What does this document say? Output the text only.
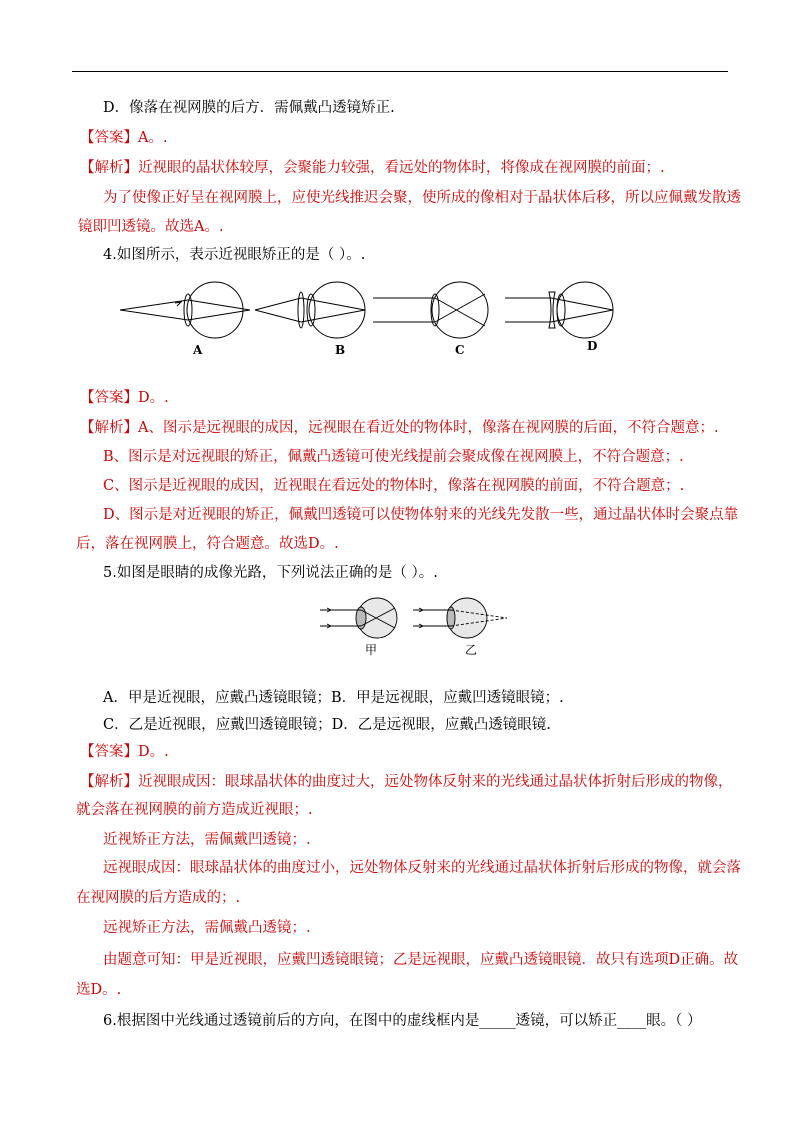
D．像落在视网膜的后方．需佩戴凸透镜矫正.
【答案】A。.
【解析】近视眼的晶状体较厚，会聚能力较强，看远处的物体时，将像成在视网膜的前面；.
为了使像正好呈在视网膜上，应使光线推迟会聚，使所成的像相对于晶状体后移，所以应佩戴发散透
镜即凹透镜。故选A。.
4.如图所示，表示近视眼矫正的是（ ）。.
A	B	C	D
【答案】D。.
【解析】A、图示是远视眼的成因，远视眼在看近处的物体时，像落在视网膜的后面，不符合题意；.
B、图示是对远视眼的矫正，佩戴凸透镜可使光线提前会聚成像在视网膜上，不符合题意；.
C、图示是近视眼的成因，近视眼在看远处的物体时，像落在视网膜的前面，不符合题意；.
D、图示是对近视眼的矫正，佩戴凹透镜可以使物体射来的光线先发散一些，通过晶状体时会聚点靠
后，落在视网膜上，符合题意。故选D。.
5.如图是眼睛的成像光路，下列说法正确的是（ ）。.
甲	乙
A．甲是近视眼，应戴凸透镜眼镜；B．甲是远视眼，应戴凹透镜眼镜；.
C．乙是近视眼，应戴凹透镜眼镜；D．乙是远视眼，应戴凸透镜眼镜.
【答案】D。.
【解析】近视眼成因：眼球晶状体的曲度过大，远处物体反射来的光线通过晶状体折射后形成的物像，
就会落在视网膜的前方造成近视眼；.
近视矫正方法，需佩戴凹透镜；.
远视眼成因：眼球晶状体的曲度过小，远处物体反射来的光线通过晶状体折射后形成的物像，就会落
在视网膜的后方造成的；.
远视矫正方法，需佩戴凸透镜；.
由题意可知：甲是近视眼，应戴凹透镜眼镜；乙是远视眼，应戴凸透镜眼镜．故只有选项D正确。故
选D。.
6.根据图中光线通过透镜前后的方向，在图中的虚线框内是_____透镜，可以矫正____眼。（ ）
